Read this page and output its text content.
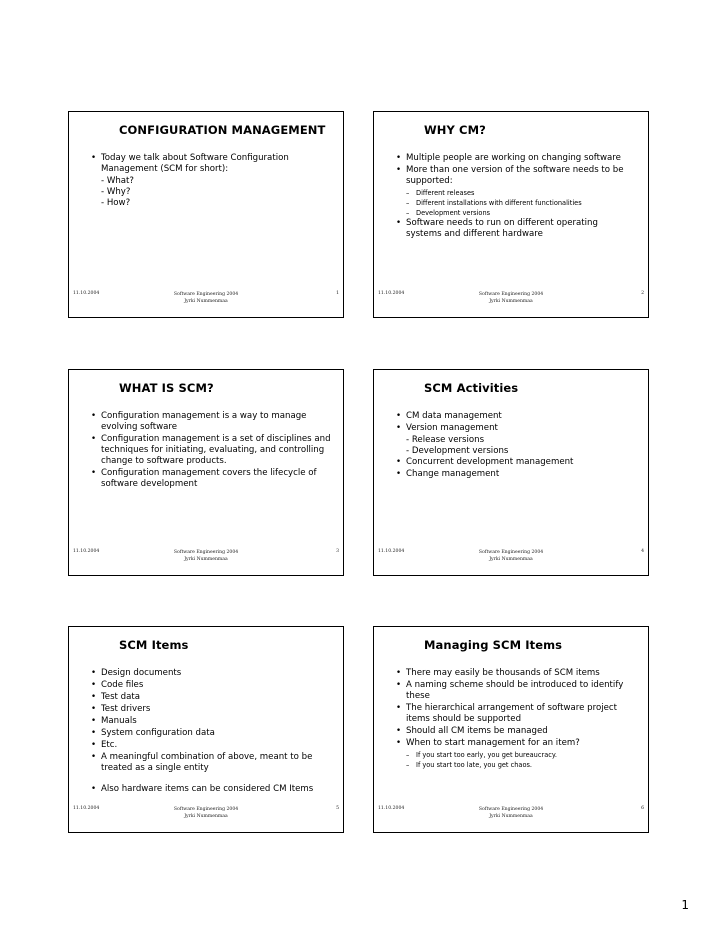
CONFIGURATION MANAGEMENT
• Today we talk about Software Configuration Management (SCM for short):
- What?
- Why?
- How?
11.10.2004	Software Engineering 2004
Jyrki Nummenmaa
1
WHY CM?
• Multiple people are working on changing software
• More than one version of the software needs to be supported:
– Different releases
– Different installations with different functionalities
– Development versions
• Software needs to run on different operating systems and different hardware
11.10.2004	Software Engineering 2004
Jyrki Nummenmaa
2
WHAT IS SCM?
• Configuration management is a way to manage evolving software
• Configuration management is a set of disciplines and techniques for initiating, evaluating, and controlling change to software products.
• Configuration management covers the lifecycle of software development
11.10.2004	Software Engineering 2004
Jyrki Nummenmaa
3
SCM Activities
• CM data management
• Version management
- Release versions
- Development versions
• Concurrent development management
• Change management
11.10.2004	Software Engineering 2004
Jyrki Nummenmaa
4
SCM Items
• Design documents
• Code files
• Test data
• Test drivers
• Manuals
• System configuration data
• Etc.
• A meaningful combination of above, meant to be treated as a single entity
• Also hardware items can be considered CM Items
11.10.2004	Software Engineering 2004
Jyrki Nummenmaa
5
Managing SCM Items
• There may easily be thousands of SCM items
• A naming scheme should be introduced to identify these
• The hierarchical arrangement of software project items should be supported
• Should all CM items be managed
• When to start management for an item?
– If you start too early, you get bureaucracy.
– If you start too late, you get chaos.
11.10.2004	Software Engineering 2004
Jyrki Nummenmaa
6
1
